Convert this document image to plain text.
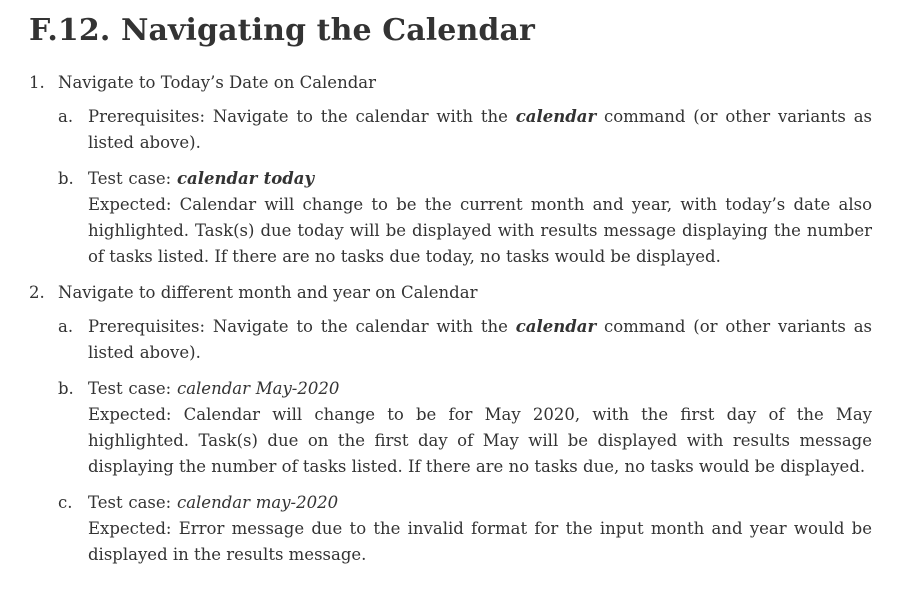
F.12. Navigating the Calendar
1. Navigate to Today’s Date on Calendar
a. Prerequisites: Navigate to the calendar with the calendar command (or other variants as listed above).
b. Test case: calendar today
Expected: Calendar will change to be the current month and year, with today’s date also highlighted. Task(s) due today will be displayed with results message displaying the number of tasks listed. If there are no tasks due today, no tasks would be displayed.
2. Navigate to different month and year on Calendar
a. Prerequisites: Navigate to the calendar with the calendar command (or other variants as listed above).
b. Test case: calendar May-2020
Expected: Calendar will change to be for May 2020, with the first day of the May highlighted. Task(s) due on the first day of May will be displayed with results message displaying the number of tasks listed. If there are no tasks due, no tasks would be displayed.
c. Test case: calendar may-2020
Expected: Error message due to the invalid format for the input month and year would be displayed in the results message.
